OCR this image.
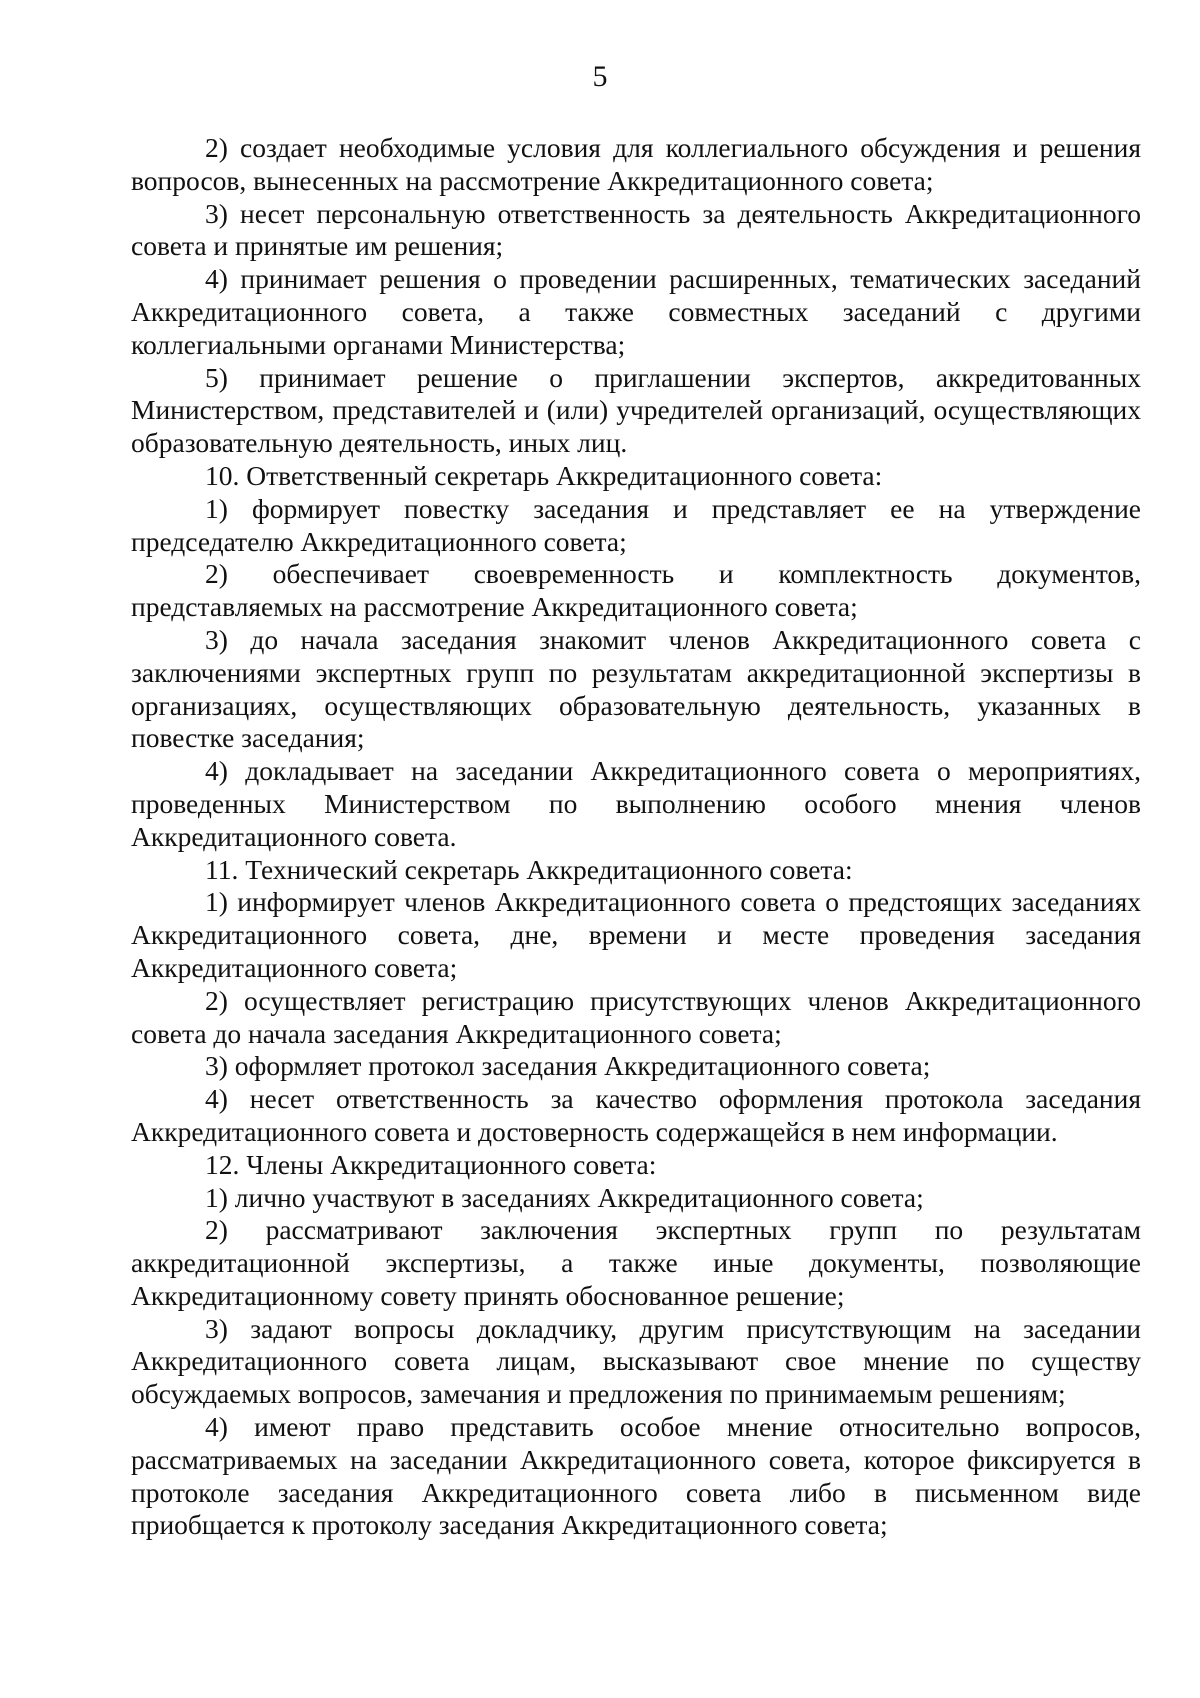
5

2) создает необходимые условия для коллегиального обсуждения и решения вопросов, вынесенных на рассмотрение Аккредитационного совета;

3) несет персональную ответственность за деятельность Аккредитационного совета и принятые им решения;

4) принимает решения о проведении расширенных, тематических заседаний Аккредитационного совета, а также совместных заседаний с другими коллегиальными органами Министерства;

5) принимает решение о приглашении экспертов, аккредитованных Министерством, представителей и (или) учредителей организаций, осуществляющих образовательную деятельность, иных лиц.

10. Ответственный секретарь Аккредитационного совета:

1) формирует повестку заседания и представляет ее на утверждение председателю Аккредитационного совета;

2) обеспечивает своевременность и комплектность документов, представляемых на рассмотрение Аккредитационного совета;

3) до начала заседания знакомит членов Аккредитационного совета с заключениями экспертных групп по результатам аккредитационной экспертизы в организациях, осуществляющих образовательную деятельность, указанных в повестке заседания;

4) докладывает на заседании Аккредитационного совета о мероприятиях, проведенных Министерством по выполнению особого мнения членов Аккредитационного совета.

11. Технический секретарь Аккредитационного совета:

1) информирует членов Аккредитационного совета о предстоящих заседаниях Аккредитационного совета, дне, времени и месте проведения заседания Аккредитационного совета;

2) осуществляет регистрацию присутствующих членов Аккредитационного совета до начала заседания Аккредитационного совета;

3) оформляет протокол заседания Аккредитационного совета;

4) несет ответственность за качество оформления протокола заседания Аккредитационного совета и достоверность содержащейся в нем информации.

12. Члены Аккредитационного совета:

1) лично участвуют в заседаниях Аккредитационного совета;

2) рассматривают заключения экспертных групп по результатам аккредитационной экспертизы, а также иные документы, позволяющие Аккредитационному совету принять обоснованное решение;

3) задают вопросы докладчику, другим присутствующим на заседании Аккредитационного совета лицам, высказывают свое мнение по существу обсуждаемых вопросов, замечания и предложения по принимаемым решениям;

4) имеют право представить особое мнение относительно вопросов, рассматриваемых на заседании Аккредитационного совета, которое фиксируется в протоколе заседания Аккредитационного совета либо в письменном виде приобщается к протоколу заседания Аккредитационного совета;
